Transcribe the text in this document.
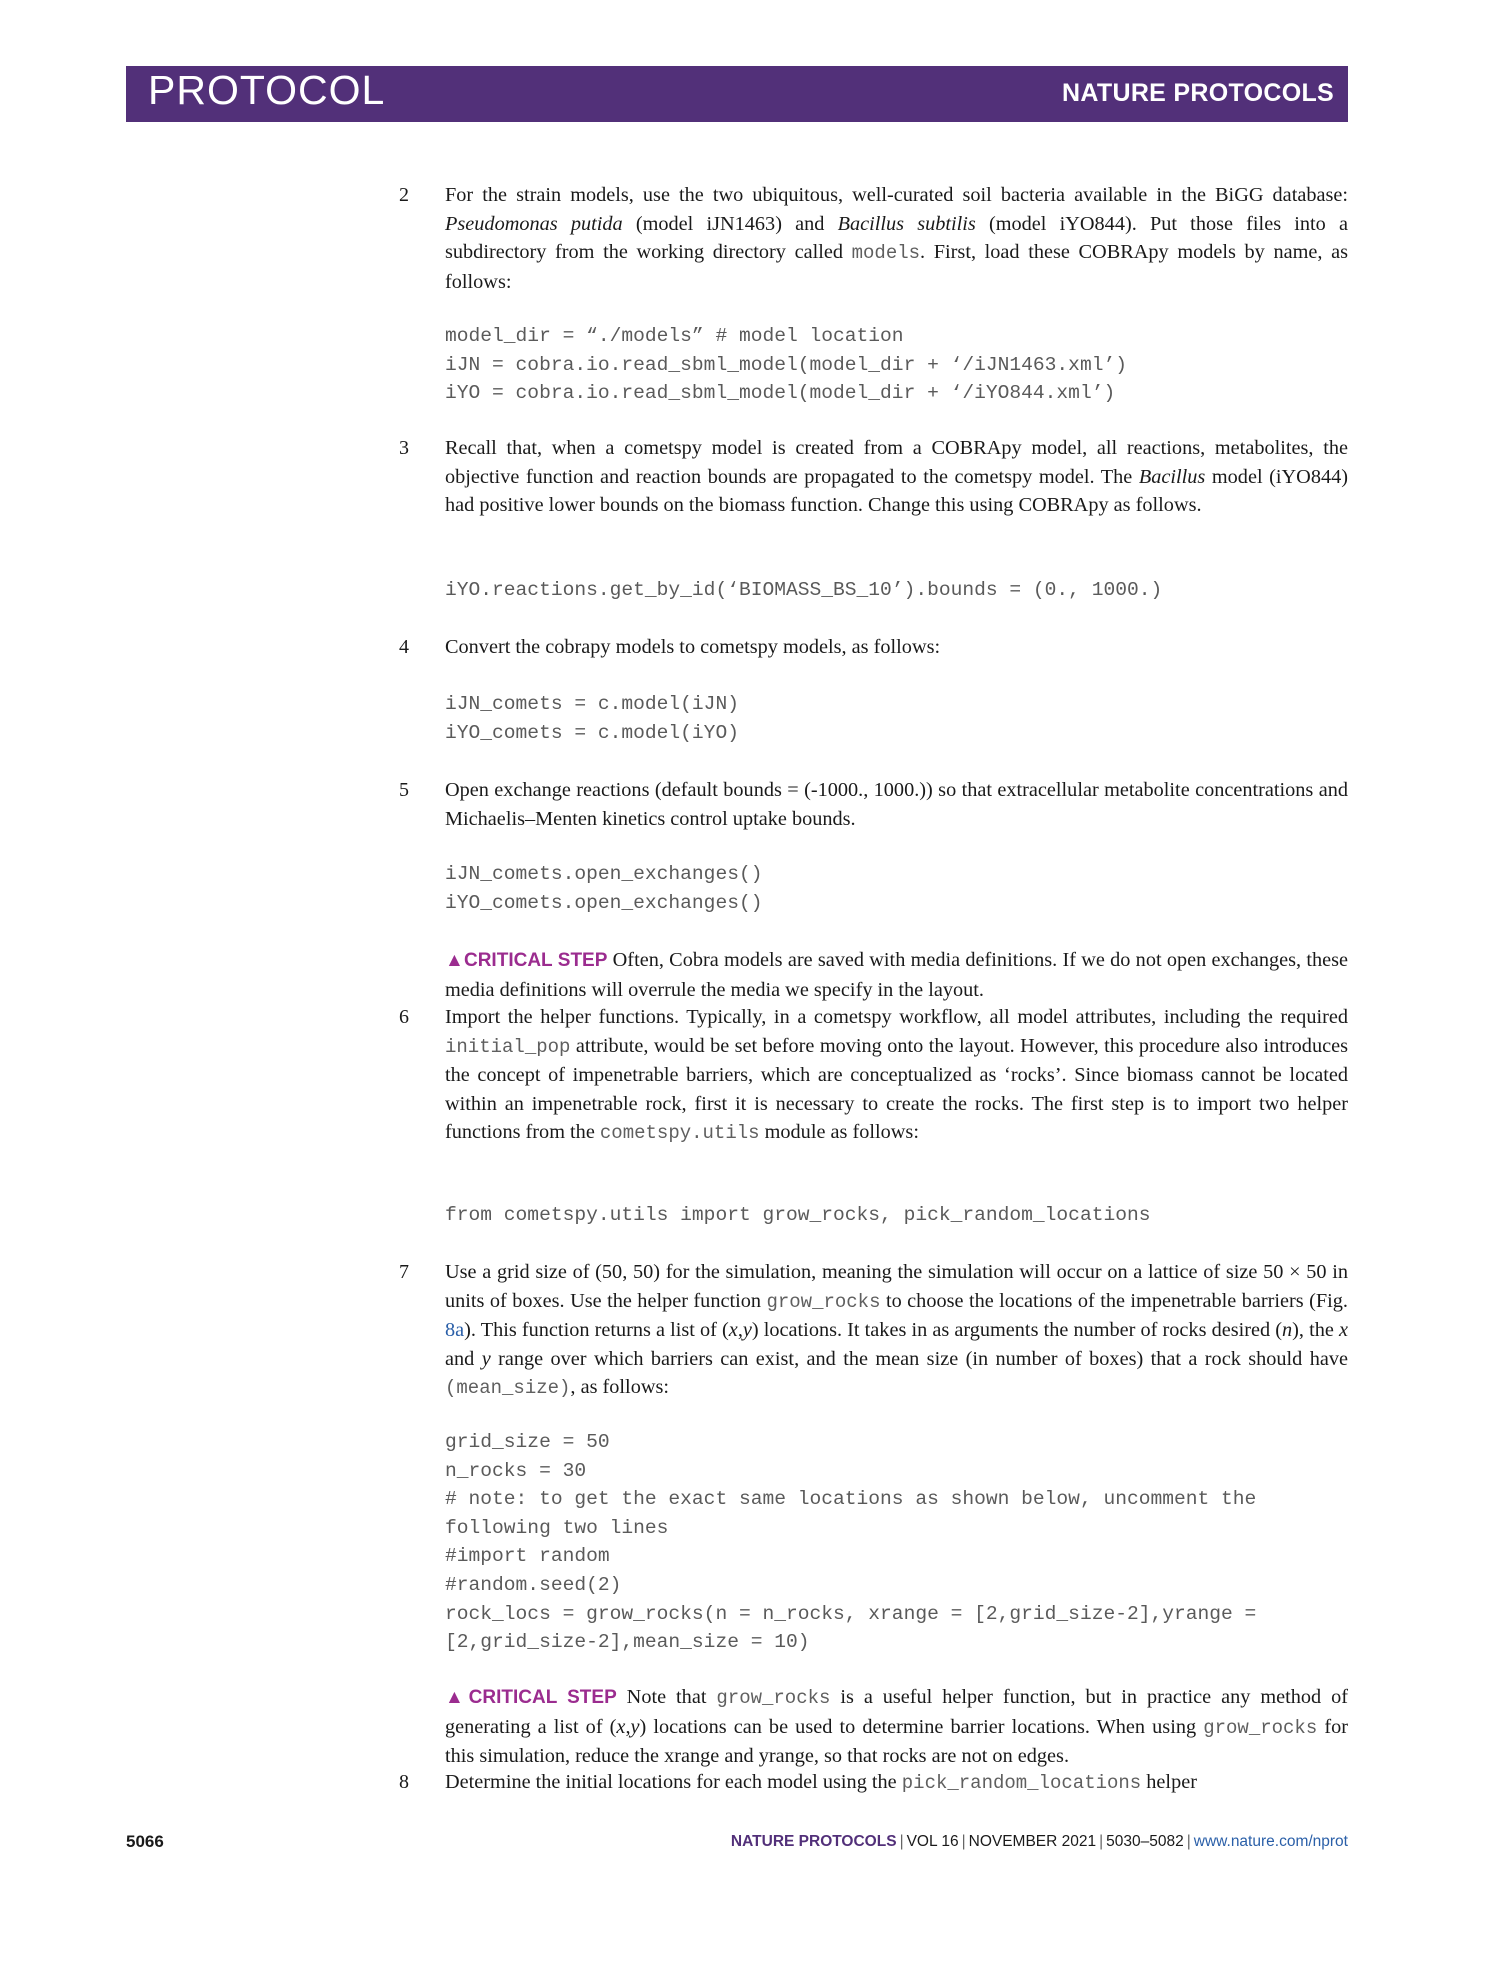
PROTOCOL	NATURE PROTOCOLS
2	For the strain models, use the two ubiquitous, well-curated soil bacteria available in the BiGG database: Pseudomonas putida (model iJN1463) and Bacillus subtilis (model iYO844). Put those files into a subdirectory from the working directory called models. First, load these COBRApy models by name, as follows:

model_dir = “./models” # model location
iJN = cobra.io.read_sbml_model(model_dir + ‘/iJN1463.xml’)
iYO = cobra.io.read_sbml_model(model_dir + ‘/iYO844.xml’)
3	Recall that, when a cometspy model is created from a COBRApy model, all reactions, metabolites, the objective function and reaction bounds are propagated to the cometspy model. The Bacillus model (iYO844) had positive lower bounds on the biomass function. Change this using COBRApy as follows.

iYO.reactions.get_by_id(‘BIOMASS_BS_10’).bounds = (0., 1000.)
4	Convert the cobrapy models to cometspy models, as follows:

iJN_comets = c.model(iJN)
iYO_comets = c.model(iYO)
5	Open exchange reactions (default bounds = (-1000., 1000.)) so that extracellular metabolite concentrations and Michaelis–Menten kinetics control uptake bounds.

iJN_comets.open_exchanges()
iYO_comets.open_exchanges()

▲CRITICAL STEP Often, Cobra models are saved with media definitions. If we do not open exchanges, these media definitions will overrule the media we specify in the layout.

6	Import the helper functions. Typically, in a cometspy workflow, all model attributes, including the required initial_pop attribute, would be set before moving onto the layout. However, this procedure also introduces the concept of impenetrable barriers, which are conceptualized as ‘rocks’. Since biomass cannot be located within an impenetrable rock, first it is necessary to create the rocks. The first step is to import two helper functions from the cometspy.utils module as follows:

from cometspy.utils import grow_rocks, pick_random_locations
7	Use a grid size of (50, 50) for the simulation, meaning the simulation will occur on a lattice of size 50 × 50 in units of boxes. Use the helper function grow_rocks to choose the locations of the impenetrable barriers (Fig. 8a). This function returns a list of (x,y) locations. It takes in as arguments the number of rocks desired (n), the x and y range over which barriers can exist, and the mean size (in number of boxes) that a rock should have (mean_size), as follows:

grid_size = 50
n_rocks = 30
# note: to get the exact same locations as shown below, uncomment the
following two lines
#import random
#random.seed(2)
rock_locs = grow_rocks(n = n_rocks, xrange = [2,grid_size-2],yrange =
[2,grid_size-2],mean_size = 10)

▲CRITICAL STEP Note that grow_rocks is a useful helper function, but in practice any method of generating a list of (x,y) locations can be used to determine barrier locations. When using grow_rocks for this simulation, reduce the xrange and yrange, so that rocks are not on edges.

8	Determine the initial locations for each model using the pick_random_locations helper

5066	NATURE PROTOCOLS | VOL 16 | NOVEMBER 2021 | 5030–5082 | www.nature.com/nprot
